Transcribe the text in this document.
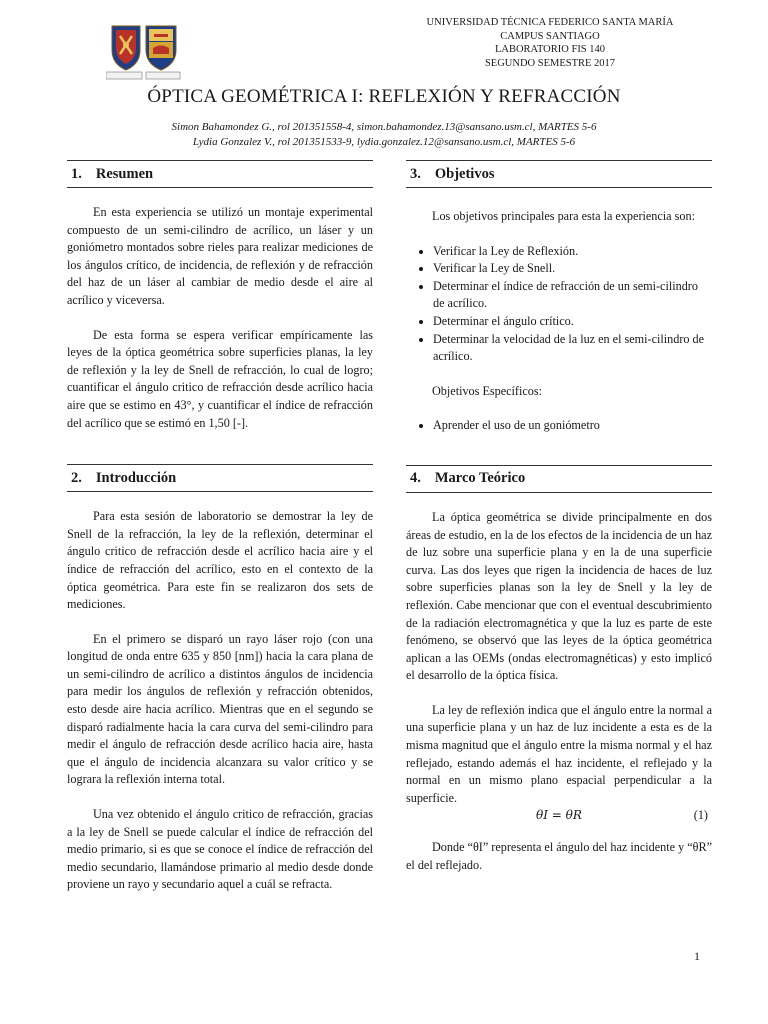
UNIVERSIDAD TÉCNICA FEDERICO SANTA MARÍA
CAMPUS SANTIAGO
LABORATORIO FIS 140
SEGUNDO SEMESTRE 2017
ÓPTICA GEOMÉTRICA I: REFLEXIÓN Y REFRACCIÓN
Simon Bahamondez G., rol 201351558-4, simon.bahamondez.13@sansano.usm.cl, MARTES 5-6
Lydia Gonzalez V., rol 201351533-9, lydia.gonzalez.12@sansano.usm.cl, MARTES 5-6
1. Resumen

En esta experiencia se utilizó un montaje experimental compuesto de un semi-cilindro de acrílico, un láser y un goniómetro montados sobre rieles para realizar mediciones de los ángulos crítico, de incidencia, de reflexión y de refracción del haz de un láser al cambiar de medio desde el aire al acrílico y viceversa.

De esta forma se espera verificar empíricamente las leyes de la óptica geométrica sobre superficies planas, la ley de reflexión y la ley de Snell de refracción, lo cual de logro; cuantificar el ángulo critico de refracción desde acrílico hacia aire que se estimo en 43°, y cuantificar el índice de refracción del acrílico que se estimó en 1,50 [-].

2. Introducción

Para esta sesión de laboratorio se demostrar la ley de Snell de la refracción, la ley de la reflexión, determinar el ángulo critico de refracción desde el acrílico hacia aire y el índice de refracción del acrílico, esto en el contexto de la óptica geométrica. Para este fin se realizaron dos sets de mediciones.

En el primero se disparó un rayo láser rojo (con una longitud de onda entre 635 y 850 [nm]) hacia la cara plana de un semi-cilindro de acrílico a distintos ángulos de incidencia para medir los ángulos de reflexión y refracción obtenidos, esto desde aire hacia acrílico. Mientras que en el segundo se disparó radialmente hacia la cara curva del semi-cilindro para medir el ángulo de refracción desde acrílico hacia aire, hasta que el ángulo de incidencia alcanzara su valor crítico y se lograra la reflexión interna total.

Una vez obtenido el ángulo critico de refracción, gracias a la ley de Snell se puede calcular el índice de refracción del medio primario, si es que se conoce el índice de refracción del medio secundario, llamándose primario al medio desde donde proviene un rayo y secundario aquel a cuál se refracta.

3. Objetivos

Los objetivos principales para esta la experiencia son:

• Verificar la Ley de Reflexión.
• Verificar la Ley de Snell.
• Determinar el índice de refracción de un semi-cilindro de acrílico.
• Determinar el ángulo crítico.
• Determinar la velocidad de la luz en el semi-cilindro de acrílico.

Objetivos Específicos:

• Aprender el uso de un goniómetro
4. Marco Teórico

La óptica geométrica se divide principalmente en dos áreas de estudio, en la de los efectos de la incidencia de un haz de luz sobre una superficie plana y en la de una superficie curva. Las dos leyes que rigen la incidencia de haces de luz sobre superficies planas son la ley de Snell y la ley de reflexión. Cabe mencionar que con el eventual descubrimiento de la radiación electromagnética y que la luz es parte de este fenómeno, se observó que las leyes de la óptica geométrica aplican a las OEMs (ondas electromagnéticas) y esto implicó el desarrollo de la óptica física.

La ley de reflexión indica que el ángulo entre la normal a una superficie plana y un haz de luz incidente a esta es de la misma magnitud que el ángulo entre la misma normal y el haz reflejado, estando además el haz incidente, el reflejado y la normal en un mismo plano espacial perpendicular a la superficie.

θI = θR	(1)

Donde “θI” representa el ángulo del haz incidente y “θR” el del reflejado.

1
